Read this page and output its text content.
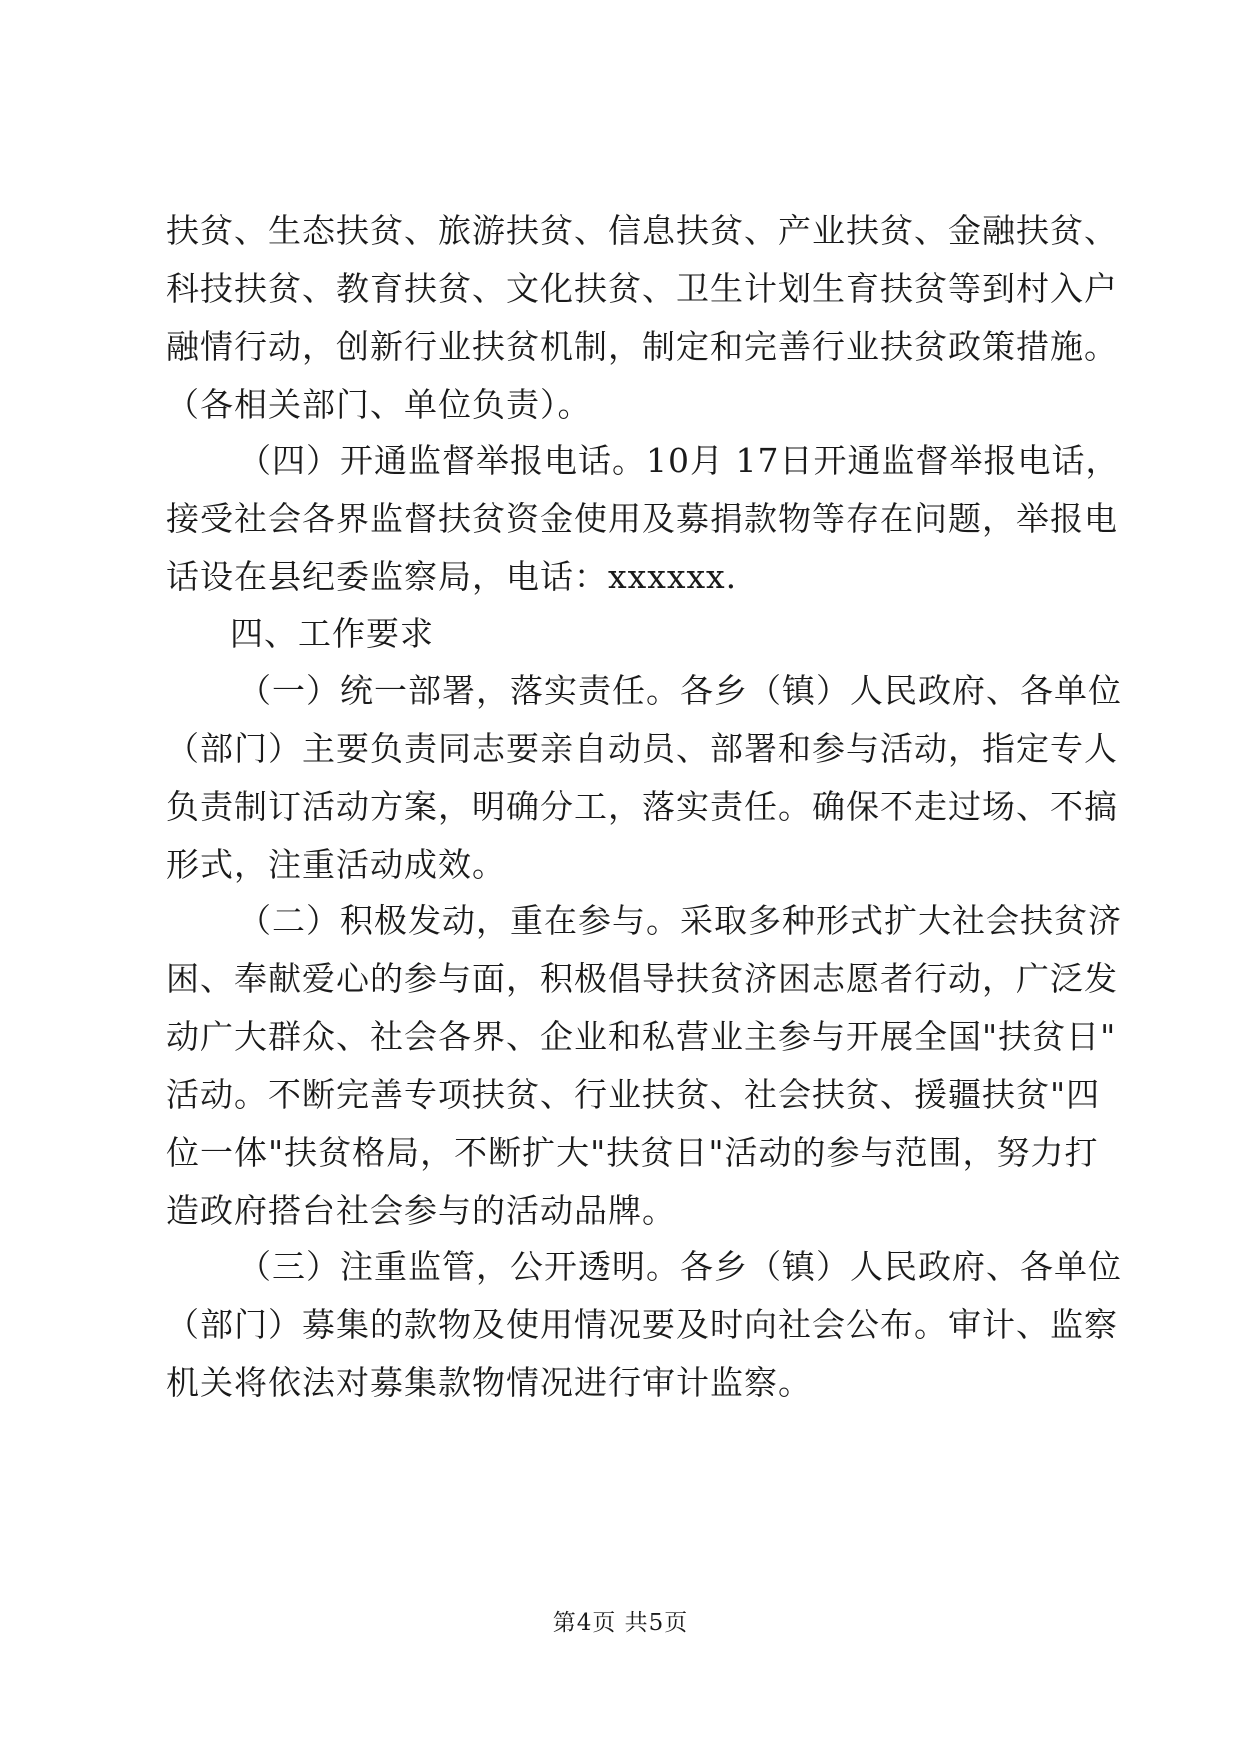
扶贫、生态扶贫、旅游扶贫、信息扶贫、产业扶贫、金融扶贫、
科技扶贫、教育扶贫、文化扶贫、卫生计划生育扶贫等到村入户
融情行动，创新行业扶贫机制，制定和完善行业扶贫政策措施。
（各相关部门、单位负责）。
（四）开通监督举报电话。10月 17日开通监督举报电话，
接受社会各界监督扶贫资金使用及募捐款物等存在问题，举报电
话设在县纪委监察局，电话：xxxxxx.
四、工作要求
（一）统一部署，落实责任。各乡（镇）人民政府、各单位
（部门）主要负责同志要亲自动员、部署和参与活动，指定专人
负责制订活动方案，明确分工，落实责任。确保不走过场、不搞
形式，注重活动成效。
（二）积极发动，重在参与。采取多种形式扩大社会扶贫济
困、奉献爱心的参与面，积极倡导扶贫济困志愿者行动，广泛发
动广大群众、社会各界、企业和私营业主参与开展全国"扶贫日"
活动。不断完善专项扶贫、行业扶贫、社会扶贫、援疆扶贫"四
位一体"扶贫格局，不断扩大"扶贫日"活动的参与范围，努力打
造政府搭台社会参与的活动品牌。
（三）注重监管，公开透明。各乡（镇）人民政府、各单位
（部门）募集的款物及使用情况要及时向社会公布。审计、监察
机关将依法对募集款物情况进行审计监察。
第4页 共5页
